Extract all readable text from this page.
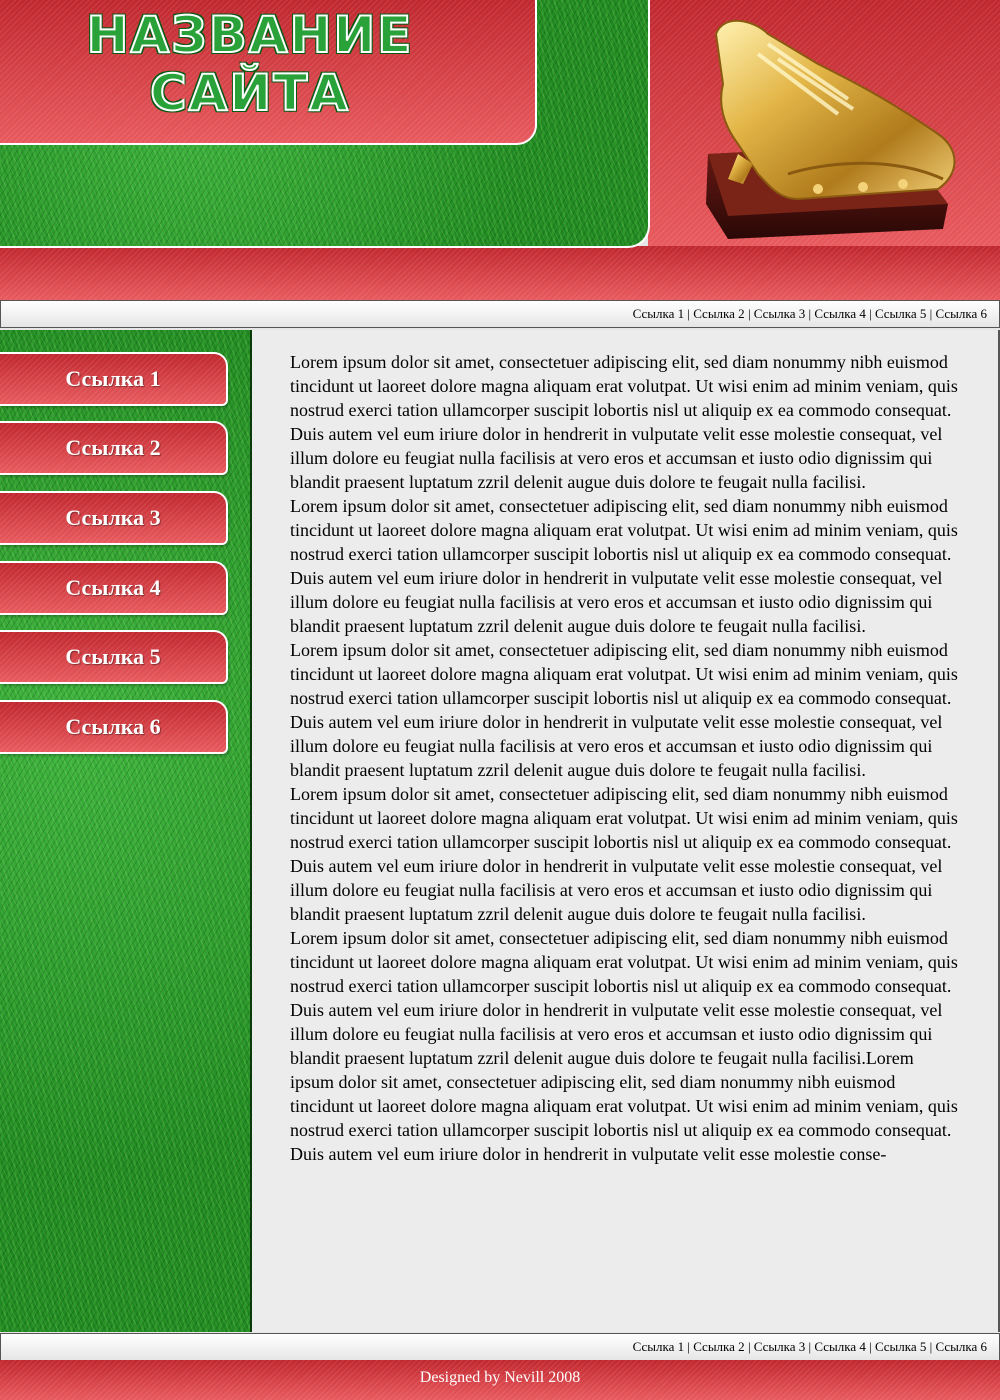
НАЗВАНИЕ
САЙТА
Ссылка 1 | Ссылка 2 | Ссылка 3 | Ссылка 4 | Ссылка 5 | Ссылка 6
Ссылка 1
Ссылка 2
Ссылка 3
Ссылка 4
Ссылка 5
Ссылка 6

Lorem ipsum dolor sit amet, consectetuer adipiscing elit, sed diam nonummy nibh euismod tincidunt ut laoreet dolore magna aliquam erat volutpat. Ut wisi enim ad minim veniam, quis nostrud exerci tation ullamcorper suscipit lobortis nisl ut aliquip ex ea commodo consequat. Duis autem vel eum iriure dolor in hendrerit in vulputate velit esse molestie consequat, vel illum dolore eu feugiat nulla facilisis at vero eros et accumsan et iusto odio dignissim qui blandit praesent luptatum zzril delenit augue duis dolore te feugait nulla facilisi.

Lorem ipsum dolor sit amet, consectetuer adipiscing elit, sed diam nonummy nibh euismod tincidunt ut laoreet dolore magna aliquam erat volutpat. Ut wisi enim ad minim veniam, quis nostrud exerci tation ullamcorper suscipit lobortis nisl ut aliquip ex ea commodo consequat. Duis autem vel eum iriure dolor in hendrerit in vulputate velit esse molestie consequat, vel illum dolore eu feugiat nulla facilisis at vero eros et accumsan et iusto odio dignissim qui blandit praesent luptatum zzril delenit augue duis dolore te feugait nulla facilisi.

Lorem ipsum dolor sit amet, consectetuer adipiscing elit, sed diam nonummy nibh euismod tincidunt ut laoreet dolore magna aliquam erat volutpat. Ut wisi enim ad minim veniam, quis nostrud exerci tation ullamcorper suscipit lobortis nisl ut aliquip ex ea commodo consequat. Duis autem vel eum iriure dolor in hendrerit in vulputate velit esse molestie consequat, vel illum dolore eu feugiat nulla facilisis at vero eros et accumsan et iusto odio dignissim qui blandit praesent luptatum zzril delenit augue duis dolore te feugait nulla facilisi.

Lorem ipsum dolor sit amet, consectetuer adipiscing elit, sed diam nonummy nibh euismod tincidunt ut laoreet dolore magna aliquam erat volutpat. Ut wisi enim ad minim veniam, quis nostrud exerci tation ullamcorper suscipit lobortis nisl ut aliquip ex ea commodo consequat. Duis autem vel eum iriure dolor in hendrerit in vulputate velit esse molestie consequat, vel illum dolore eu feugiat nulla facilisis at vero eros et accumsan et iusto odio dignissim qui blandit praesent luptatum zzril delenit augue duis dolore te feugait nulla facilisi.

Lorem ipsum dolor sit amet, consectetuer adipiscing elit, sed diam nonummy nibh euismod tincidunt ut laoreet dolore magna aliquam erat volutpat. Ut wisi enim ad minim veniam, quis nostrud exerci tation ullamcorper suscipit lobortis nisl ut aliquip ex ea commodo consequat. Duis autem vel eum iriure dolor in hendrerit in vulputate velit esse molestie consequat, vel illum dolore eu feugiat nulla facilisis at vero eros et accumsan et iusto odio dignissim qui blandit praesent luptatum zzril delenit augue duis dolore te feugait nulla facilisi.Lorem ipsum dolor sit amet, consectetuer adipiscing elit, sed diam nonummy nibh euismod tincidunt ut laoreet dolore magna aliquam erat volutpat. Ut wisi enim ad minim veniam, quis nostrud exerci tation ullamcorper suscipit lobortis nisl ut aliquip ex ea commodo consequat. Duis autem vel eum iriure dolor in hendrerit in vulputate velit esse molestie conse-

Ссылка 1 | Ссылка 2 | Ссылка 3 | Ссылка 4 | Ссылка 5 | Ссылка 6
Designed by Nevill 2008
